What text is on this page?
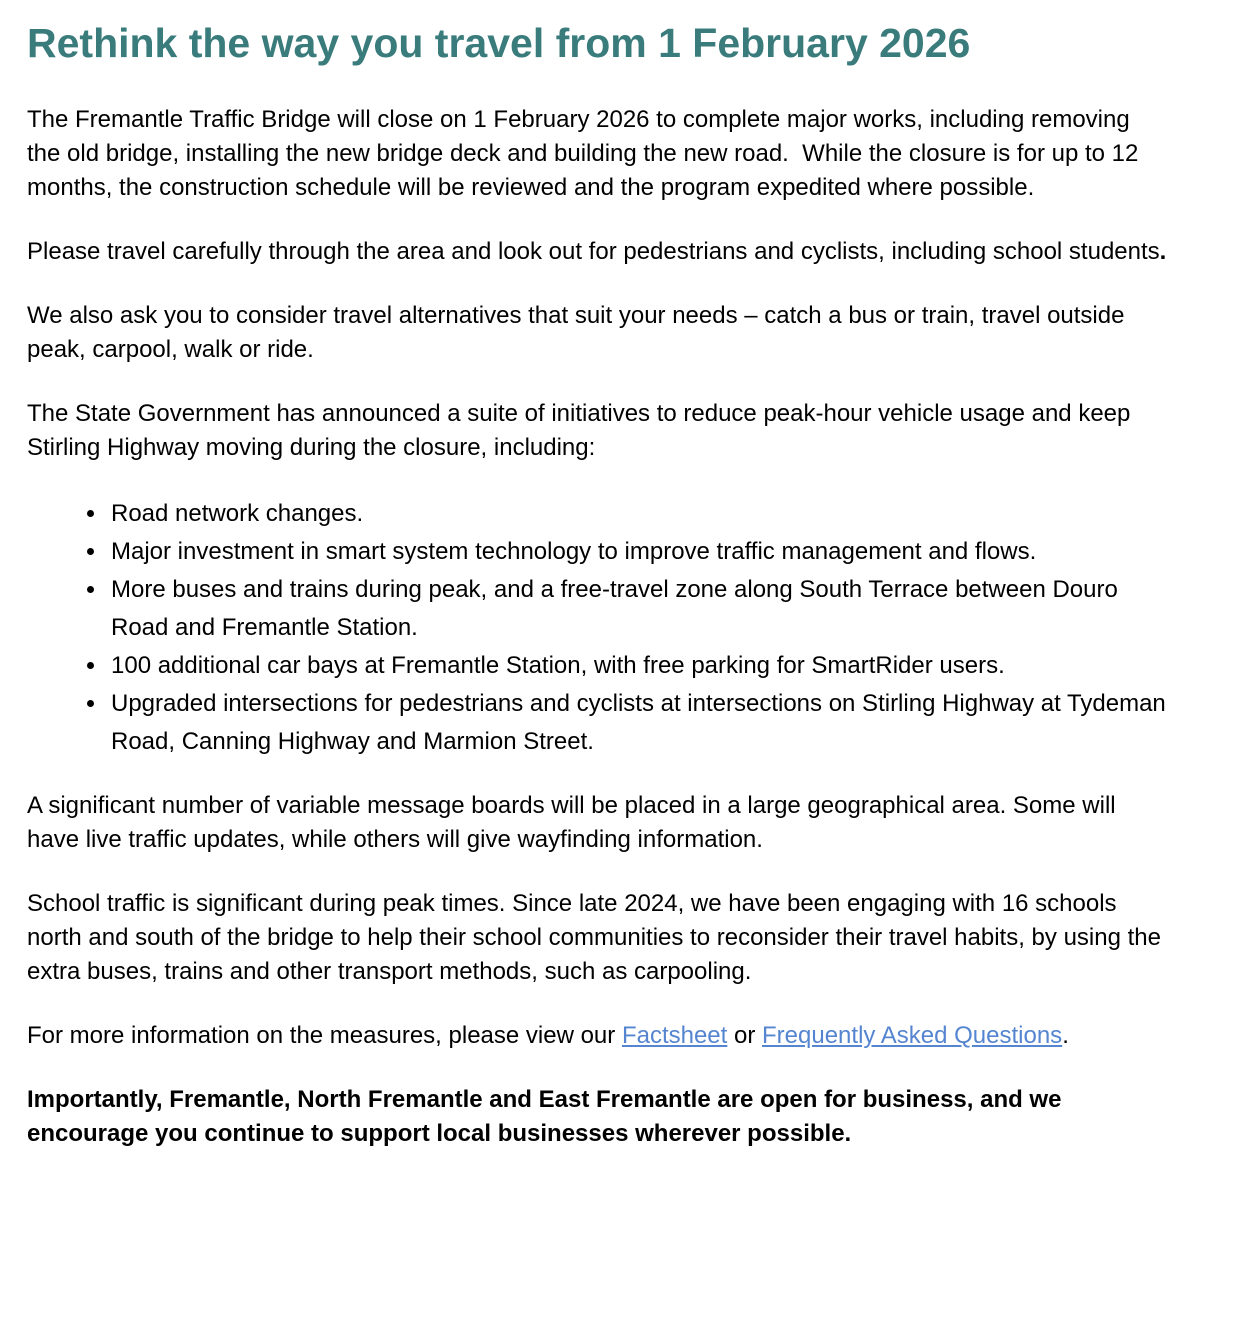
Rethink the way you travel from 1 February 2026

The Fremantle Traffic Bridge will close on 1 February 2026 to complete major works, including removing the old bridge, installing the new bridge deck and building the new road.  While the closure is for up to 12 months, the construction schedule will be reviewed and the program expedited where possible.

Please travel carefully through the area and look out for pedestrians and cyclists, including school students.

We also ask you to consider travel alternatives that suit your needs – catch a bus or train, travel outside peak, carpool, walk or ride.

The State Government has announced a suite of initiatives to reduce peak-hour vehicle usage and keep Stirling Highway moving during the closure, including:

• Road network changes.
• Major investment in smart system technology to improve traffic management and flows.
• More buses and trains during peak, and a free-travel zone along South Terrace between Douro Road and Fremantle Station.
• 100 additional car bays at Fremantle Station, with free parking for SmartRider users.
• Upgraded intersections for pedestrians and cyclists at intersections on Stirling Highway at Tydeman Road, Canning Highway and Marmion Street.

A significant number of variable message boards will be placed in a large geographical area. Some will have live traffic updates, while others will give wayfinding information.

School traffic is significant during peak times. Since late 2024, we have been engaging with 16 schools north and south of the bridge to help their school communities to reconsider their travel habits, by using the extra buses, trains and other transport methods, such as carpooling.

For more information on the measures, please view our Factsheet or Frequently Asked Questions.

Importantly, Fremantle, North Fremantle and East Fremantle are open for business, and we encourage you continue to support local businesses wherever possible.
